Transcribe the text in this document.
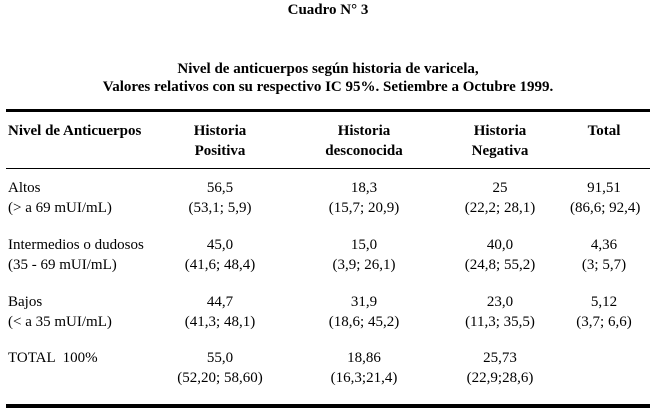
Cuadro N° 3
Nivel de anticuerpos según historia de varicela,
Valores relativos con su respectivo IC 95%. Setiembre a Octubre 1999.
Nivel de Anticuerpos	Historia
Positiva
Historia
desconocida
Historia
Negativa
Total
Altos
(> a 69 mUI/mL)
56,5
(53,1; 5,9)
18,3
(15,7; 20,9)
25
(22,2; 28,1)
91,51
(86,6; 92,4)
Intermedios o dudosos
(35 - 69 mUI/mL)
45,0
(41,6; 48,4)
15,0
(3,9; 26,1)
40,0
(24,8; 55,2)
4,36
(3; 5,7)
Bajos
(< a 35 mUI/mL)
44,7
(41,3; 48,1)
31,9
(18,6; 45,2)
23,0
(11,3; 35,5)
5,12
(3,7; 6,6)
TOTAL  100%	55,0
(52,20; 58,60)
18,86
(16,3;21,4)
25,73
(22,9;28,6)
